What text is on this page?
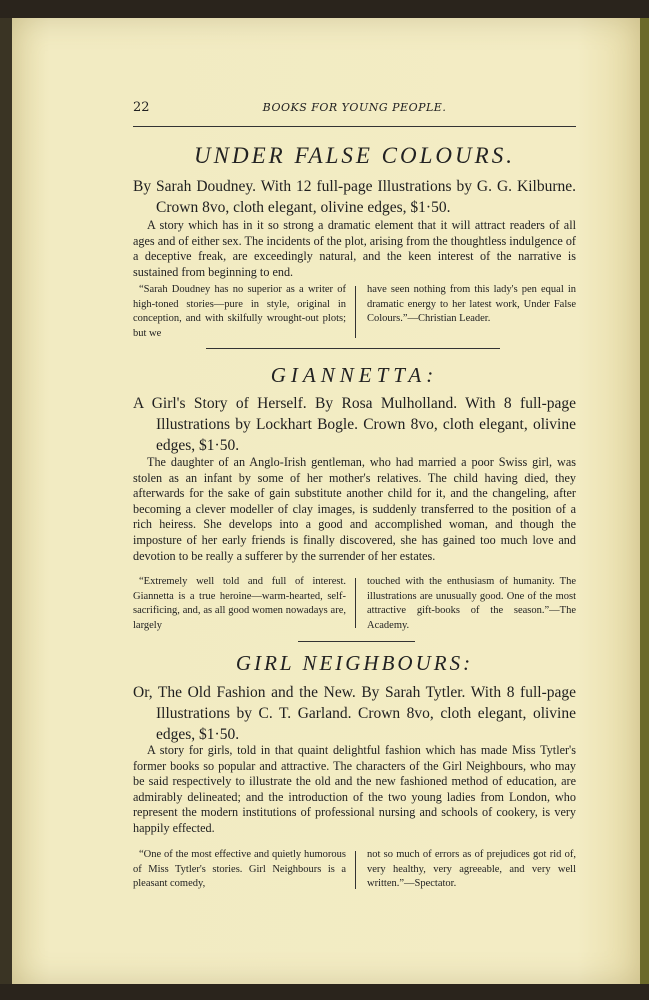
22	BOOKS FOR YOUNG PEOPLE.
UNDER FALSE COLOURS.
By Sarah Doudney. With 12 full-page Illustrations by G. G. Kilburne. Crown 8vo, cloth elegant, olivine edges, $1·50.
A story which has in it so strong a dramatic element that it will attract readers of all ages and of either sex. The incidents of the plot, arising from the thoughtless indulgence of a deceptive freak, are exceedingly natural, and the keen interest of the narrative is sustained from beginning to end.
“Sarah Doudney has no superior as a writer of high-toned stories—pure in style, original in conception, and with skilfully wrought-out plots; but we
have seen nothing from this lady's pen equal in dramatic energy to her latest work, Under False Colours.”—Christian Leader.
GIANNETTA:
A Girl's Story of Herself. By Rosa Mulholland. With 8 full-page Illustrations by Lockhart Bogle. Crown 8vo, cloth elegant, olivine edges, $1·50.
The daughter of an Anglo-Irish gentleman, who had married a poor Swiss girl, was stolen as an infant by some of her mother's relatives. The child having died, they afterwards for the sake of gain substitute another child for it, and the changeling, after becoming a clever modeller of clay images, is suddenly transferred to the position of a rich heiress. She develops into a good and accomplished woman, and though the imposture of her early friends is finally discovered, she has gained too much love and devotion to be really a sufferer by the surrender of her estates.
“Extremely well told and full of interest. Giannetta is a true heroine—warm-hearted, self-sacrificing, and, as all good women nowadays are, largely
touched with the enthusiasm of humanity. The illustrations are unusually good. One of the most attractive gift-books of the season.”—The Academy.
GIRL NEIGHBOURS:
Or, The Old Fashion and the New. By Sarah Tytler. With 8 full-page Illustrations by C. T. Garland. Crown 8vo, cloth elegant, olivine edges, $1·50.
A story for girls, told in that quaint delightful fashion which has made Miss Tytler's former books so popular and attractive. The characters of the Girl Neighbours, who may be said respectively to illustrate the old and the new fashioned method of education, are admirably delineated; and the introduction of the two young ladies from London, who represent the modern institutions of professional nursing and schools of cookery, is very happily effected.
“One of the most effective and quietly humorous of Miss Tytler's stories. Girl Neighbours is a pleasant comedy,
not so much of errors as of prejudices got rid of, very healthy, very agreeable, and very well written.”—Spectator.
